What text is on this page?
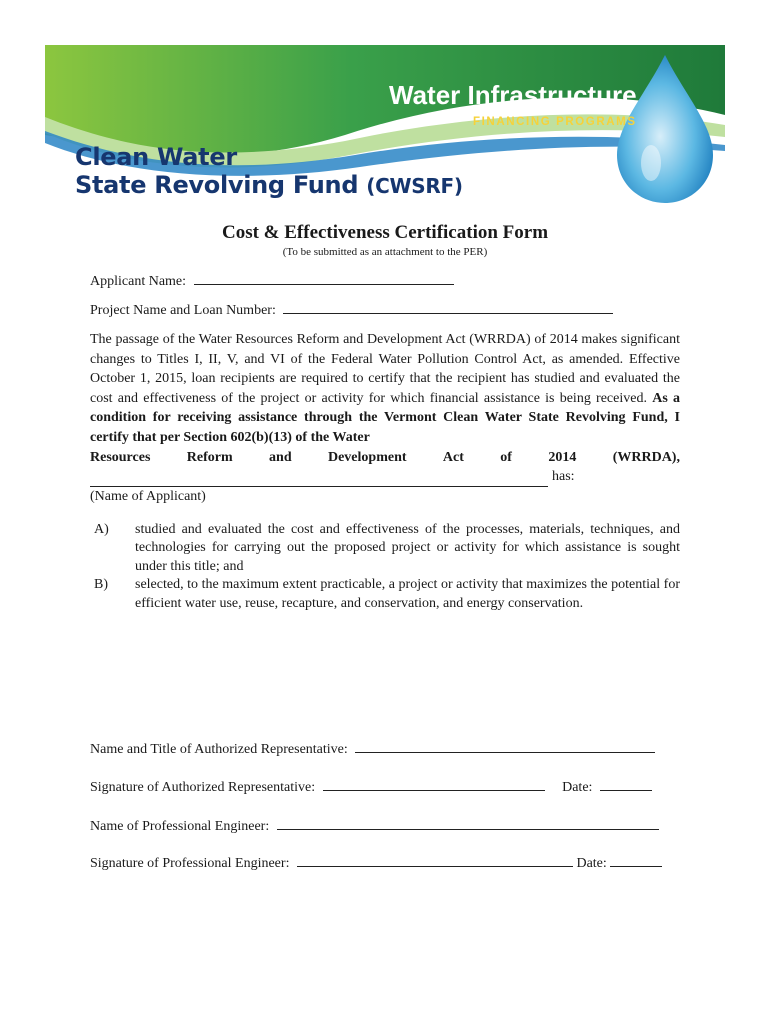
Water Infrastructure
FINANCING PROGRAMS
Clean Water
State Revolving Fund (CWSRF)
Cost & Effectiveness Certification Form
(To be submitted as an attachment to the PER)
Applicant Name:
Project Name and Loan Number:
The passage of the Water Resources Reform and Development Act (WRRDA) of 2014 makes significant changes to Titles I, II, V, and VI of the Federal Water Pollution Control Act, as amended. Effective October 1, 2015, loan recipients are required to certify that the recipient has studied and evaluated the cost and effectiveness of the project or activity for which financial assistance is being received. As a condition for receiving assistance through the Vermont Clean Water State Revolving Fund, I certify that per Section 602(b)(13) of the Water
Resources	Reform	and	Development	Act	of	2014	(WRRDA),
has:
(Name of Applicant)
A)	studied and evaluated the cost and effectiveness of the processes, materials, techniques, and technologies for carrying out the proposed project or activity for which assistance is sought under this title; and
B)	selected, to the maximum extent practicable, a project or activity that maximizes the potential for efficient water use, reuse, recapture, and conservation, and energy conservation.
Name and Title of Authorized Representative:
Signature of Authorized Representative:	Date:
Name of Professional Engineer:
Signature of Professional Engineer:	Date:
